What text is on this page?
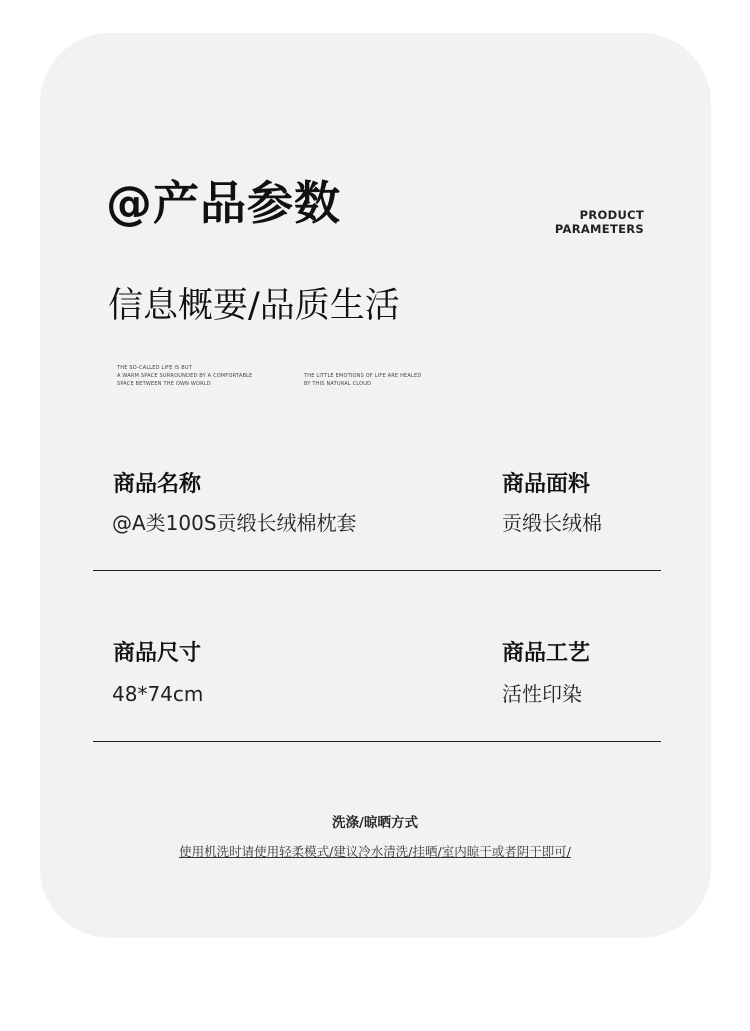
@产品参数	PRODUCT
PARAMETERS
信息概要/品质生活
THE SO-CALLED LIFE IS BUT
A WARM SPACE SURROUNDED BY A COMFORTABLE
SPACE BETWEEN THE OWN WORLD
THE LITTLE EMOTIONS OF LIFE ARE HEALED
BY THIS NATURAL CLOUD
商品名称
@A类100S贡缎长绒棉枕套
商品面料
贡缎长绒棉
商品尺寸
48*74cm
商品工艺
活性印染
洗涤/晾晒方式
使用机洗时请使用轻柔模式/建议冷水清洗/挂晒/室内晾干或者阴干即可/
